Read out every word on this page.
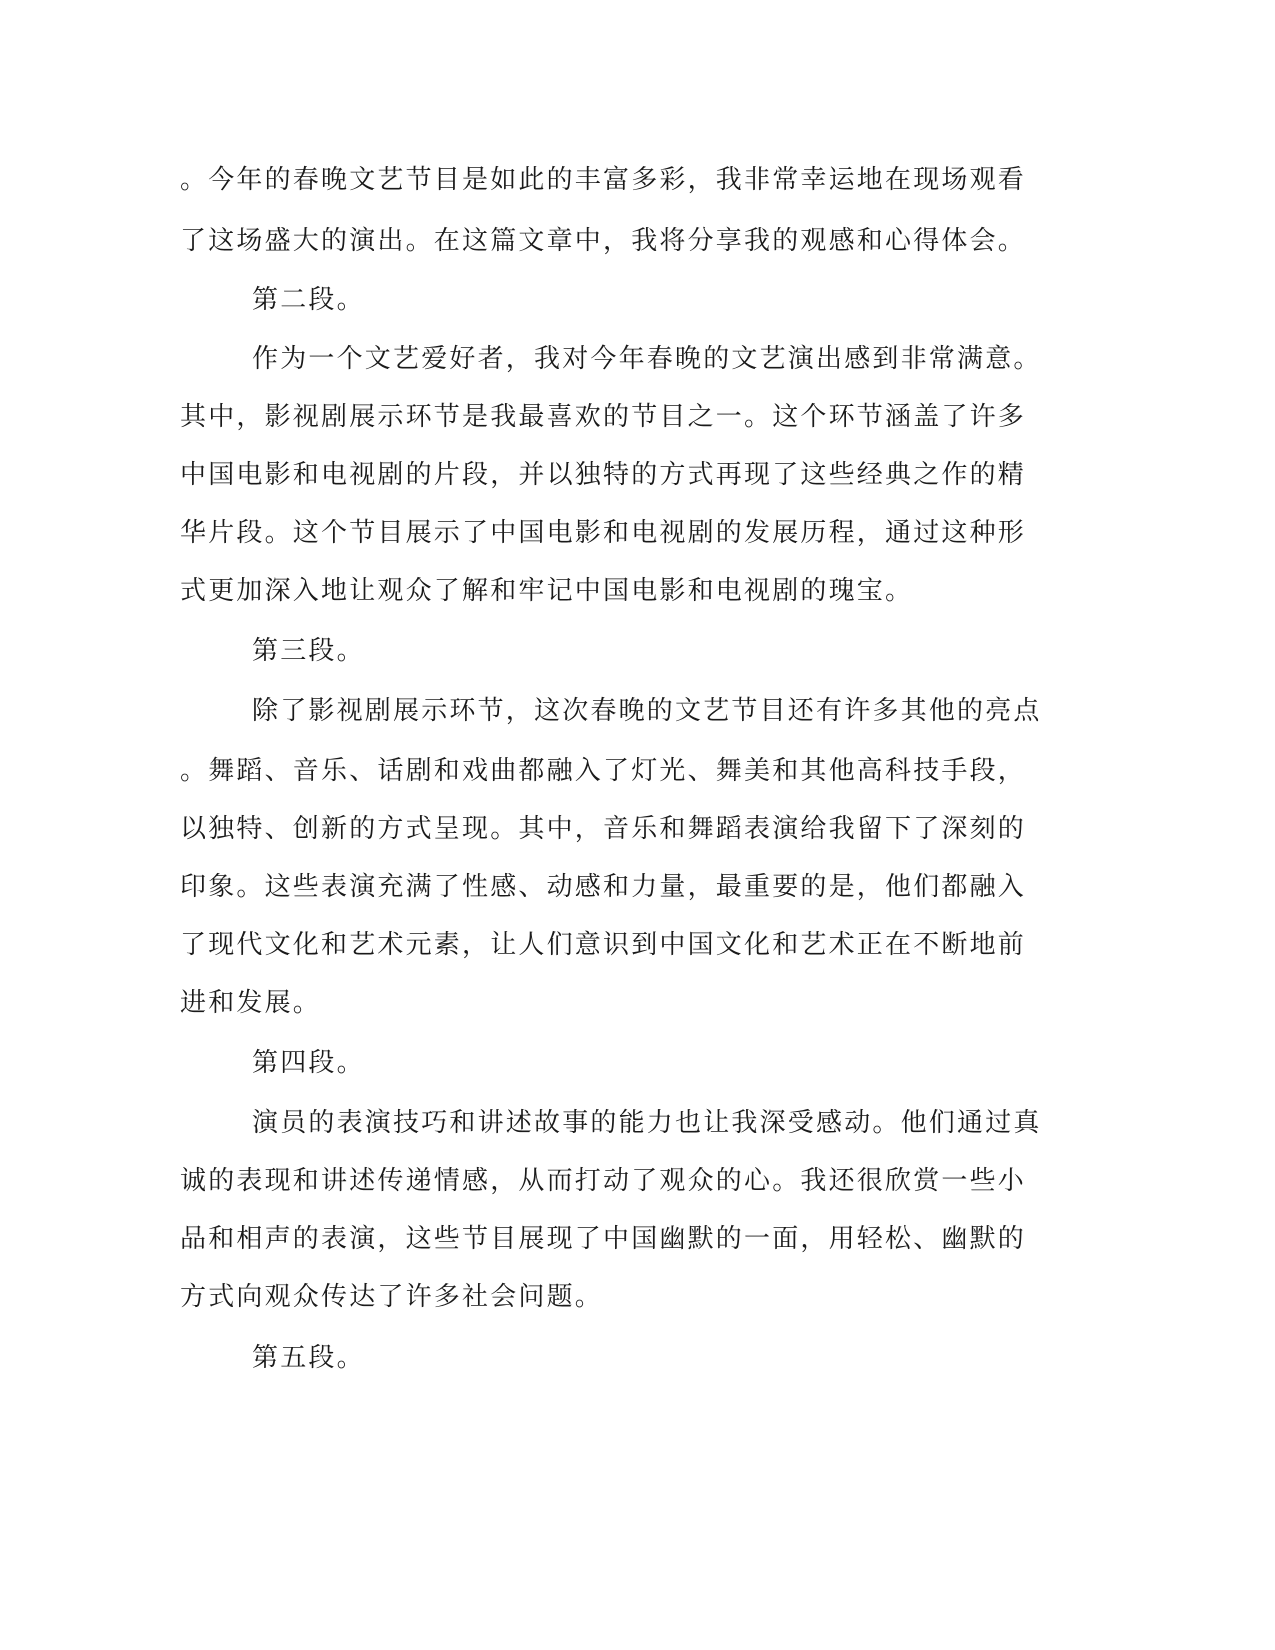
。今年的春晚文艺节目是如此的丰富多彩，我非常幸运地在现场观看
了这场盛大的演出。在这篇文章中，我将分享我的观感和心得体会。
第二段。
作为一个文艺爱好者，我对今年春晚的文艺演出感到非常满意。
其中，影视剧展示环节是我最喜欢的节目之一。这个环节涵盖了许多
中国电影和电视剧的片段，并以独特的方式再现了这些经典之作的精
华片段。这个节目展示了中国电影和电视剧的发展历程，通过这种形
式更加深入地让观众了解和牢记中国电影和电视剧的瑰宝。
第三段。
除了影视剧展示环节，这次春晚的文艺节目还有许多其他的亮点
。舞蹈、音乐、话剧和戏曲都融入了灯光、舞美和其他高科技手段，
以独特、创新的方式呈现。其中，音乐和舞蹈表演给我留下了深刻的
印象。这些表演充满了性感、动感和力量，最重要的是，他们都融入
了现代文化和艺术元素，让人们意识到中国文化和艺术正在不断地前
进和发展。
第四段。
演员的表演技巧和讲述故事的能力也让我深受感动。他们通过真
诚的表现和讲述传递情感，从而打动了观众的心。我还很欣赏一些小
品和相声的表演，这些节目展现了中国幽默的一面，用轻松、幽默的
方式向观众传达了许多社会问题。
第五段。
